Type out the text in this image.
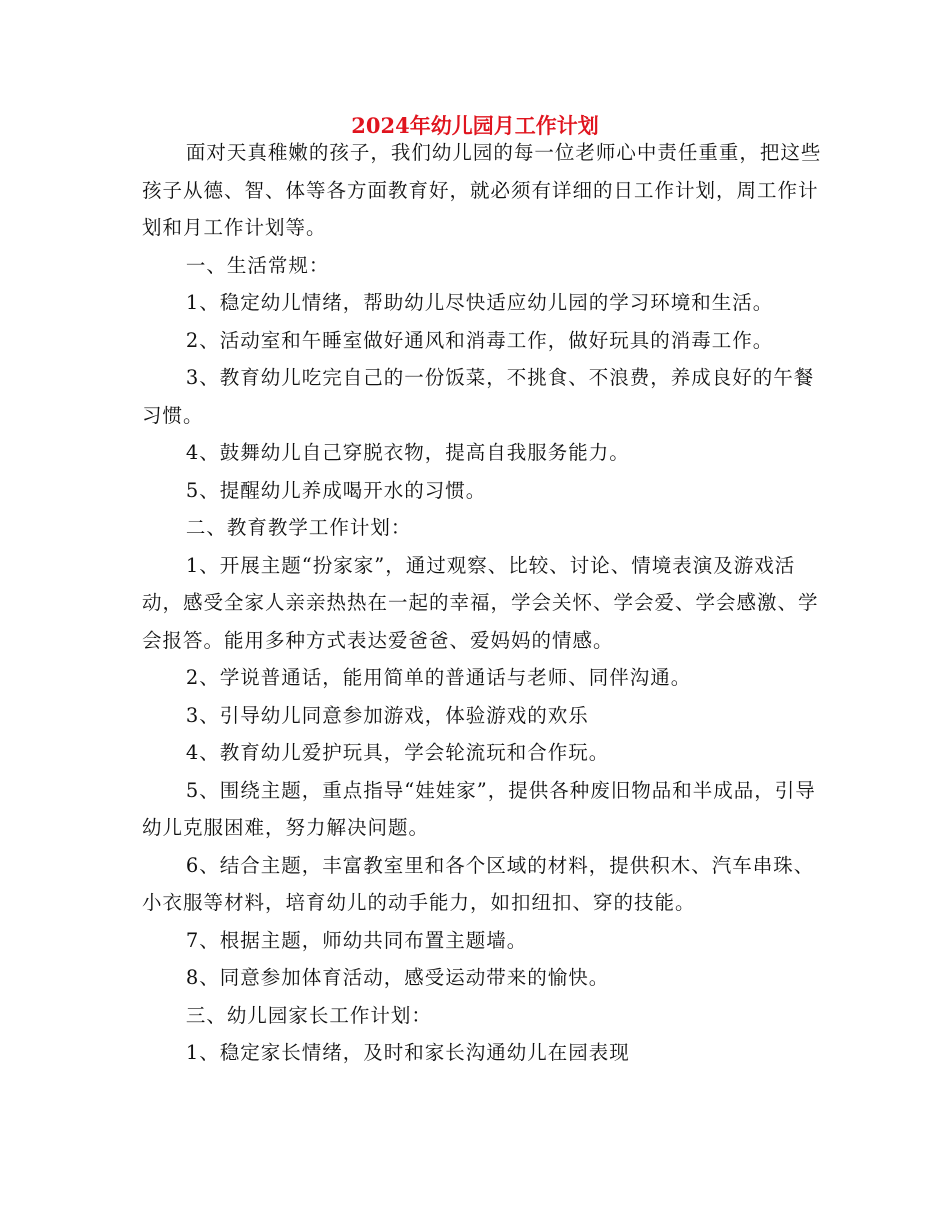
2024年幼儿园月工作计划

面对天真稚嫩的孩子，我们幼儿园的每一位老师心中责任重重，把这些孩子从德、智、体等各方面教育好，就必须有详细的日工作计划，周工作计划和月工作计划等。

一、生活常规：

1、稳定幼儿情绪，帮助幼儿尽快适应幼儿园的学习环境和生活。

2、活动室和午睡室做好通风和消毒工作，做好玩具的消毒工作。

3、教育幼儿吃完自己的一份饭菜，不挑食、不浪费，养成良好的午餐习惯。

4、鼓舞幼儿自己穿脱衣物，提高自我服务能力。

5、提醒幼儿养成喝开水的习惯。

二、教育教学工作计划：

1、开展主题“扮家家”，通过观察、比较、讨论、情境表演及游戏活动，感受全家人亲亲热热在一起的幸福，学会关怀、学会爱、学会感激、学会报答。能用多种方式表达爱爸爸、爱妈妈的情感。

2、学说普通话，能用简单的普通话与老师、同伴沟通。

3、引导幼儿同意参加游戏，体验游戏的欢乐

4、教育幼儿爱护玩具，学会轮流玩和合作玩。

5、围绕主题，重点指导“娃娃家”，提供各种废旧物品和半成品，引导幼儿克服困难，努力解决问题。

6、结合主题，丰富教室里和各个区域的材料，提供积木、汽车串珠、小衣服等材料，培育幼儿的动手能力，如扣纽扣、穿的技能。

7、根据主题，师幼共同布置主题墙。

8、同意参加体育活动，感受运动带来的愉快。

三、幼儿园家长工作计划：

1、稳定家长情绪，及时和家长沟通幼儿在园表现
